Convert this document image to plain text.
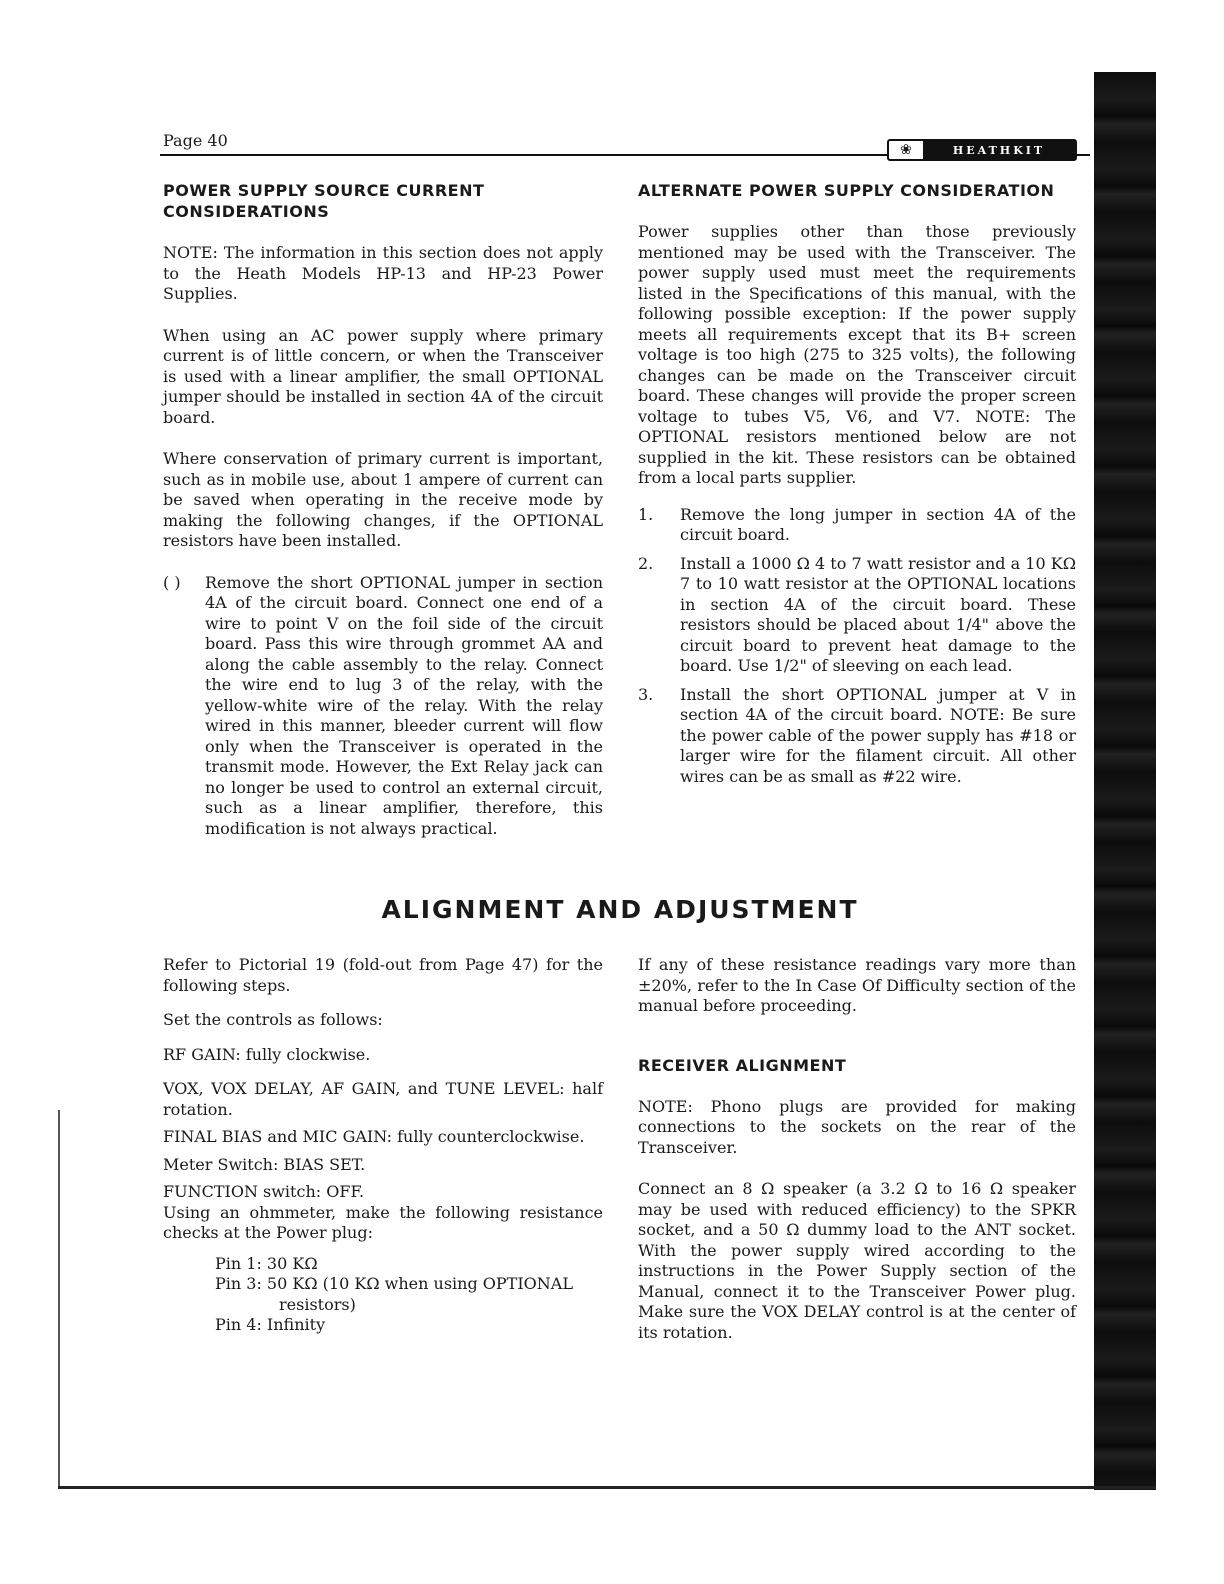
Page 40	❀	HEATHKIT
POWER SUPPLY SOURCE CURRENT CONSIDERATIONS

NOTE: The information in this section does not apply to the Heath Models HP-13 and HP-23 Power Supplies.

When using an AC power supply where primary current is of little concern, or when the Transceiver is used with a linear amplifier, the small OPTIONAL jumper should be installed in section 4A of the circuit board.

Where conservation of primary current is important, such as in mobile use, about 1 ampere of current can be saved when operating in the receive mode by making the following changes, if the OPTIONAL resistors have been installed.

( )	Remove the short OPTIONAL jumper in section 4A of the circuit board. Connect one end of a wire to point V on the foil side of the circuit board. Pass this wire through grommet AA and along the cable assembly to the relay. Connect the wire end to lug 3 of the relay, with the yellow-white wire of the relay. With the relay wired in this manner, bleeder current will flow only when the Transceiver is operated in the transmit mode. However, the Ext Relay jack can no longer be used to control an external circuit, such as a linear amplifier, therefore, this modification is not always practical.
ALTERNATE POWER SUPPLY CONSIDERATION

Power supplies other than those previously mentioned may be used with the Transceiver. The power supply used must meet the requirements listed in the Specifications of this manual, with the following possible exception: If the power supply meets all requirements except that its B+ screen voltage is too high (275 to 325 volts), the following changes can be made on the Transceiver circuit board. These changes will provide the proper screen voltage to tubes V5, V6, and V7. NOTE: The OPTIONAL resistors mentioned below are not supplied in the kit. These resistors can be obtained from a local parts supplier.

1.	Remove the long jumper in section 4A of the circuit board.
2.	Install a 1000 Ω 4 to 7 watt resistor and a 10 KΩ 7 to 10 watt resistor at the OPTIONAL locations in section 4A of the circuit board. These resistors should be placed about 1/4" above the circuit board to prevent heat damage to the board. Use 1/2" of sleeving on each lead.
3.	Install the short OPTIONAL jumper at V in section 4A of the circuit board. NOTE: Be sure the power cable of the power supply has #18 or larger wire for the filament circuit. All other wires can be as small as #22 wire.
ALIGNMENT AND ADJUSTMENT

Refer to Pictorial 19 (fold-out from Page 47) for the following steps.

Set the controls as follows:

RF GAIN: fully clockwise.

VOX, VOX DELAY, AF GAIN, and TUNE LEVEL: half rotation.

FINAL BIAS and MIC GAIN: fully counterclockwise.

Meter Switch: BIAS SET.

FUNCTION switch: OFF.

Using an ohmmeter, make the following resistance checks at the Power plug:

Pin 1: 30 KΩ
Pin 3: 50 KΩ (10 KΩ when using OPTIONAL
resistors)
Pin 4: Infinity

If any of these resistance readings vary more than ±20%, refer to the In Case Of Difficulty section of the manual before proceeding.

RECEIVER ALIGNMENT

NOTE: Phono plugs are provided for making connections to the sockets on the rear of the Transceiver.

Connect an 8 Ω speaker (a 3.2 Ω to 16 Ω speaker may be used with reduced efficiency) to the SPKR socket, and a 50 Ω dummy load to the ANT socket. With the power supply wired according to the instructions in the Power Supply section of the Manual, connect it to the Transceiver Power plug. Make sure the VOX DELAY control is at the center of its rotation.
